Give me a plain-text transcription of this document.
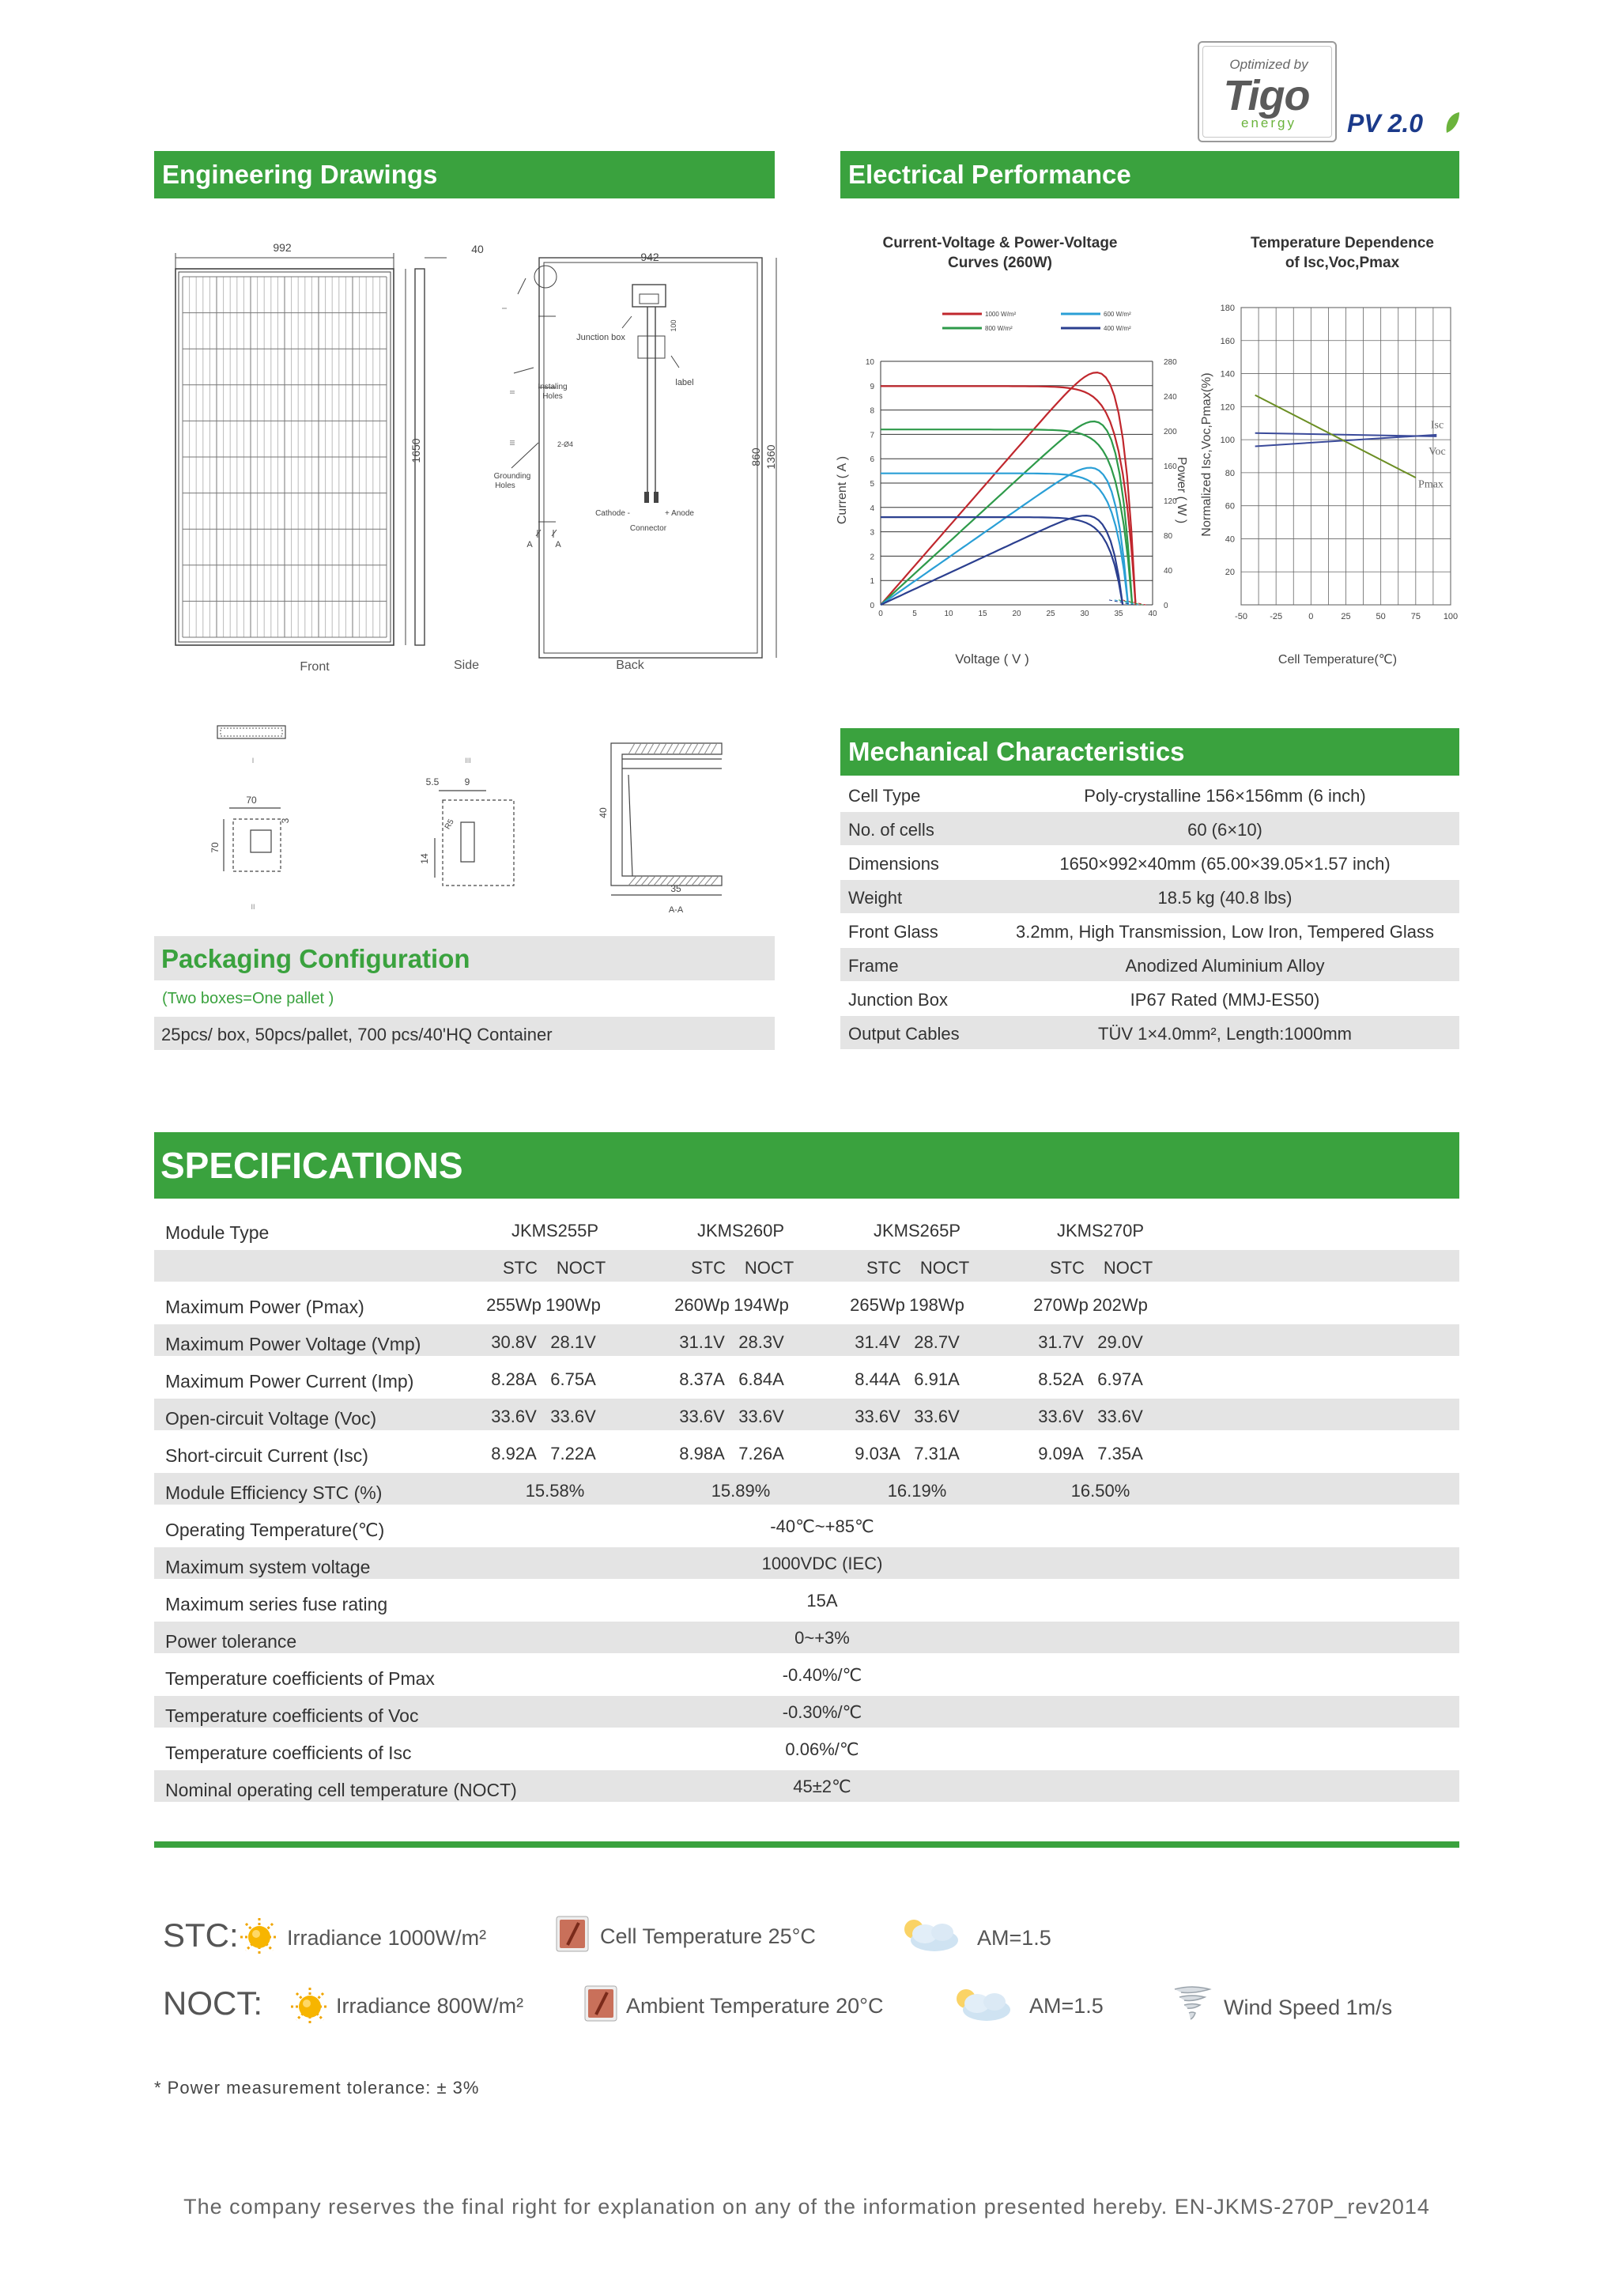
Optimized by
Tigo
energy	PV 2.0
Engineering Drawings	Electrical Performance
992	40
942
1650	1360
860
100
Junction box
Instaling
Holes
label
Grounding
Holes
2-Ø4
Cathode -	+ Anode
Connector
A	A
I
II
III
Front	Side	Back
70
70
3
5.5	9
14
R5
40
35
A-A
I	III
II
Current-Voltage & Power-Voltage
Curves (260W)
1000 W/m²
800 W/m²
600 W/m²
400 W/m²
0
1
2
3
4
5
6
7
8
9
10
0	5	10	15	20	25	30	35	40
0
40
80
120
160
200
240
280
Voltage ( V )
Current ( A )	Power ( W )
Temperature Dependence
of Isc,Voc,Pmax
20
40
60
80
100
120
140
160
180
-50	-25	0	25	50	75	100
Isc
Voc
Pmax
Cell Temperature(℃)
Normalized Isc,Voc,Pmax(%)
Mechanical Characteristics
Cell Type	Poly-crystalline 156×156mm (6 inch)
No. of cells	60 (6×10)
Dimensions	1650×992×40mm (65.00×39.05×1.57 inch)
Weight	18.5 kg (40.8 lbs)
Front Glass	3.2mm, High Transmission, Low Iron, Tempered Glass
Frame	Anodized Aluminium Alloy
Junction Box	IP67 Rated (MMJ-ES50)
Output Cables	TÜV 1×4.0mm², Length:1000mm
Packaging Configuration
(Two boxes=One pallet )
25pcs/ box, 50pcs/pallet, 700 pcs/40'HQ Container
SPECIFICATIONS
Module Type	JKMS255P	JKMS260P	JKMS265P	JKMS270P
STC NOCT	STC NOCT	STC NOCT	STC NOCT
Maximum Power (Pmax)	255Wp 190Wp	260Wp 194Wp	265Wp 198Wp	270Wp 202Wp
Maximum Power Voltage (Vmp)	30.8V 28.1V	31.1V 28.3V	31.4V 28.7V	31.7V 29.0V
Maximum Power Current (Imp)	8.28A 6.75A	8.37A 6.84A	8.44A 6.91A	8.52A 6.97A
Open-circuit Voltage (Voc)	33.6V 33.6V	33.6V 33.6V	33.6V 33.6V	33.6V 33.6V
Short-circuit Current (Isc)	8.92A 7.22A	8.98A 7.26A	9.03A 7.31A	9.09A 7.35A
Module Efficiency STC (%)	15.58%	15.89%	16.19%	16.50%
Operating Temperature(℃)	-40℃~+85℃
Maximum system voltage	1000VDC (IEC)
Maximum series fuse rating	15A
Power tolerance	0~+3%
Temperature coefficients of Pmax	-0.40%/℃
Temperature coefficients of Voc	-0.30%/℃
Temperature coefficients of Isc	0.06%/℃
Nominal operating cell temperature (NOCT)	45±2℃
STC: Irradiance 1000W/m²	Cell Temperature 25°C	AM=1.5
NOCT:	Irradiance 800W/m²	Ambient Temperature 20°C	AM=1.5	Wind Speed 1m/s
* Power measurement tolerance: ± 3%
The company reserves the final right for explanation on any of the information presented hereby. EN-JKMS-270P_rev2014
